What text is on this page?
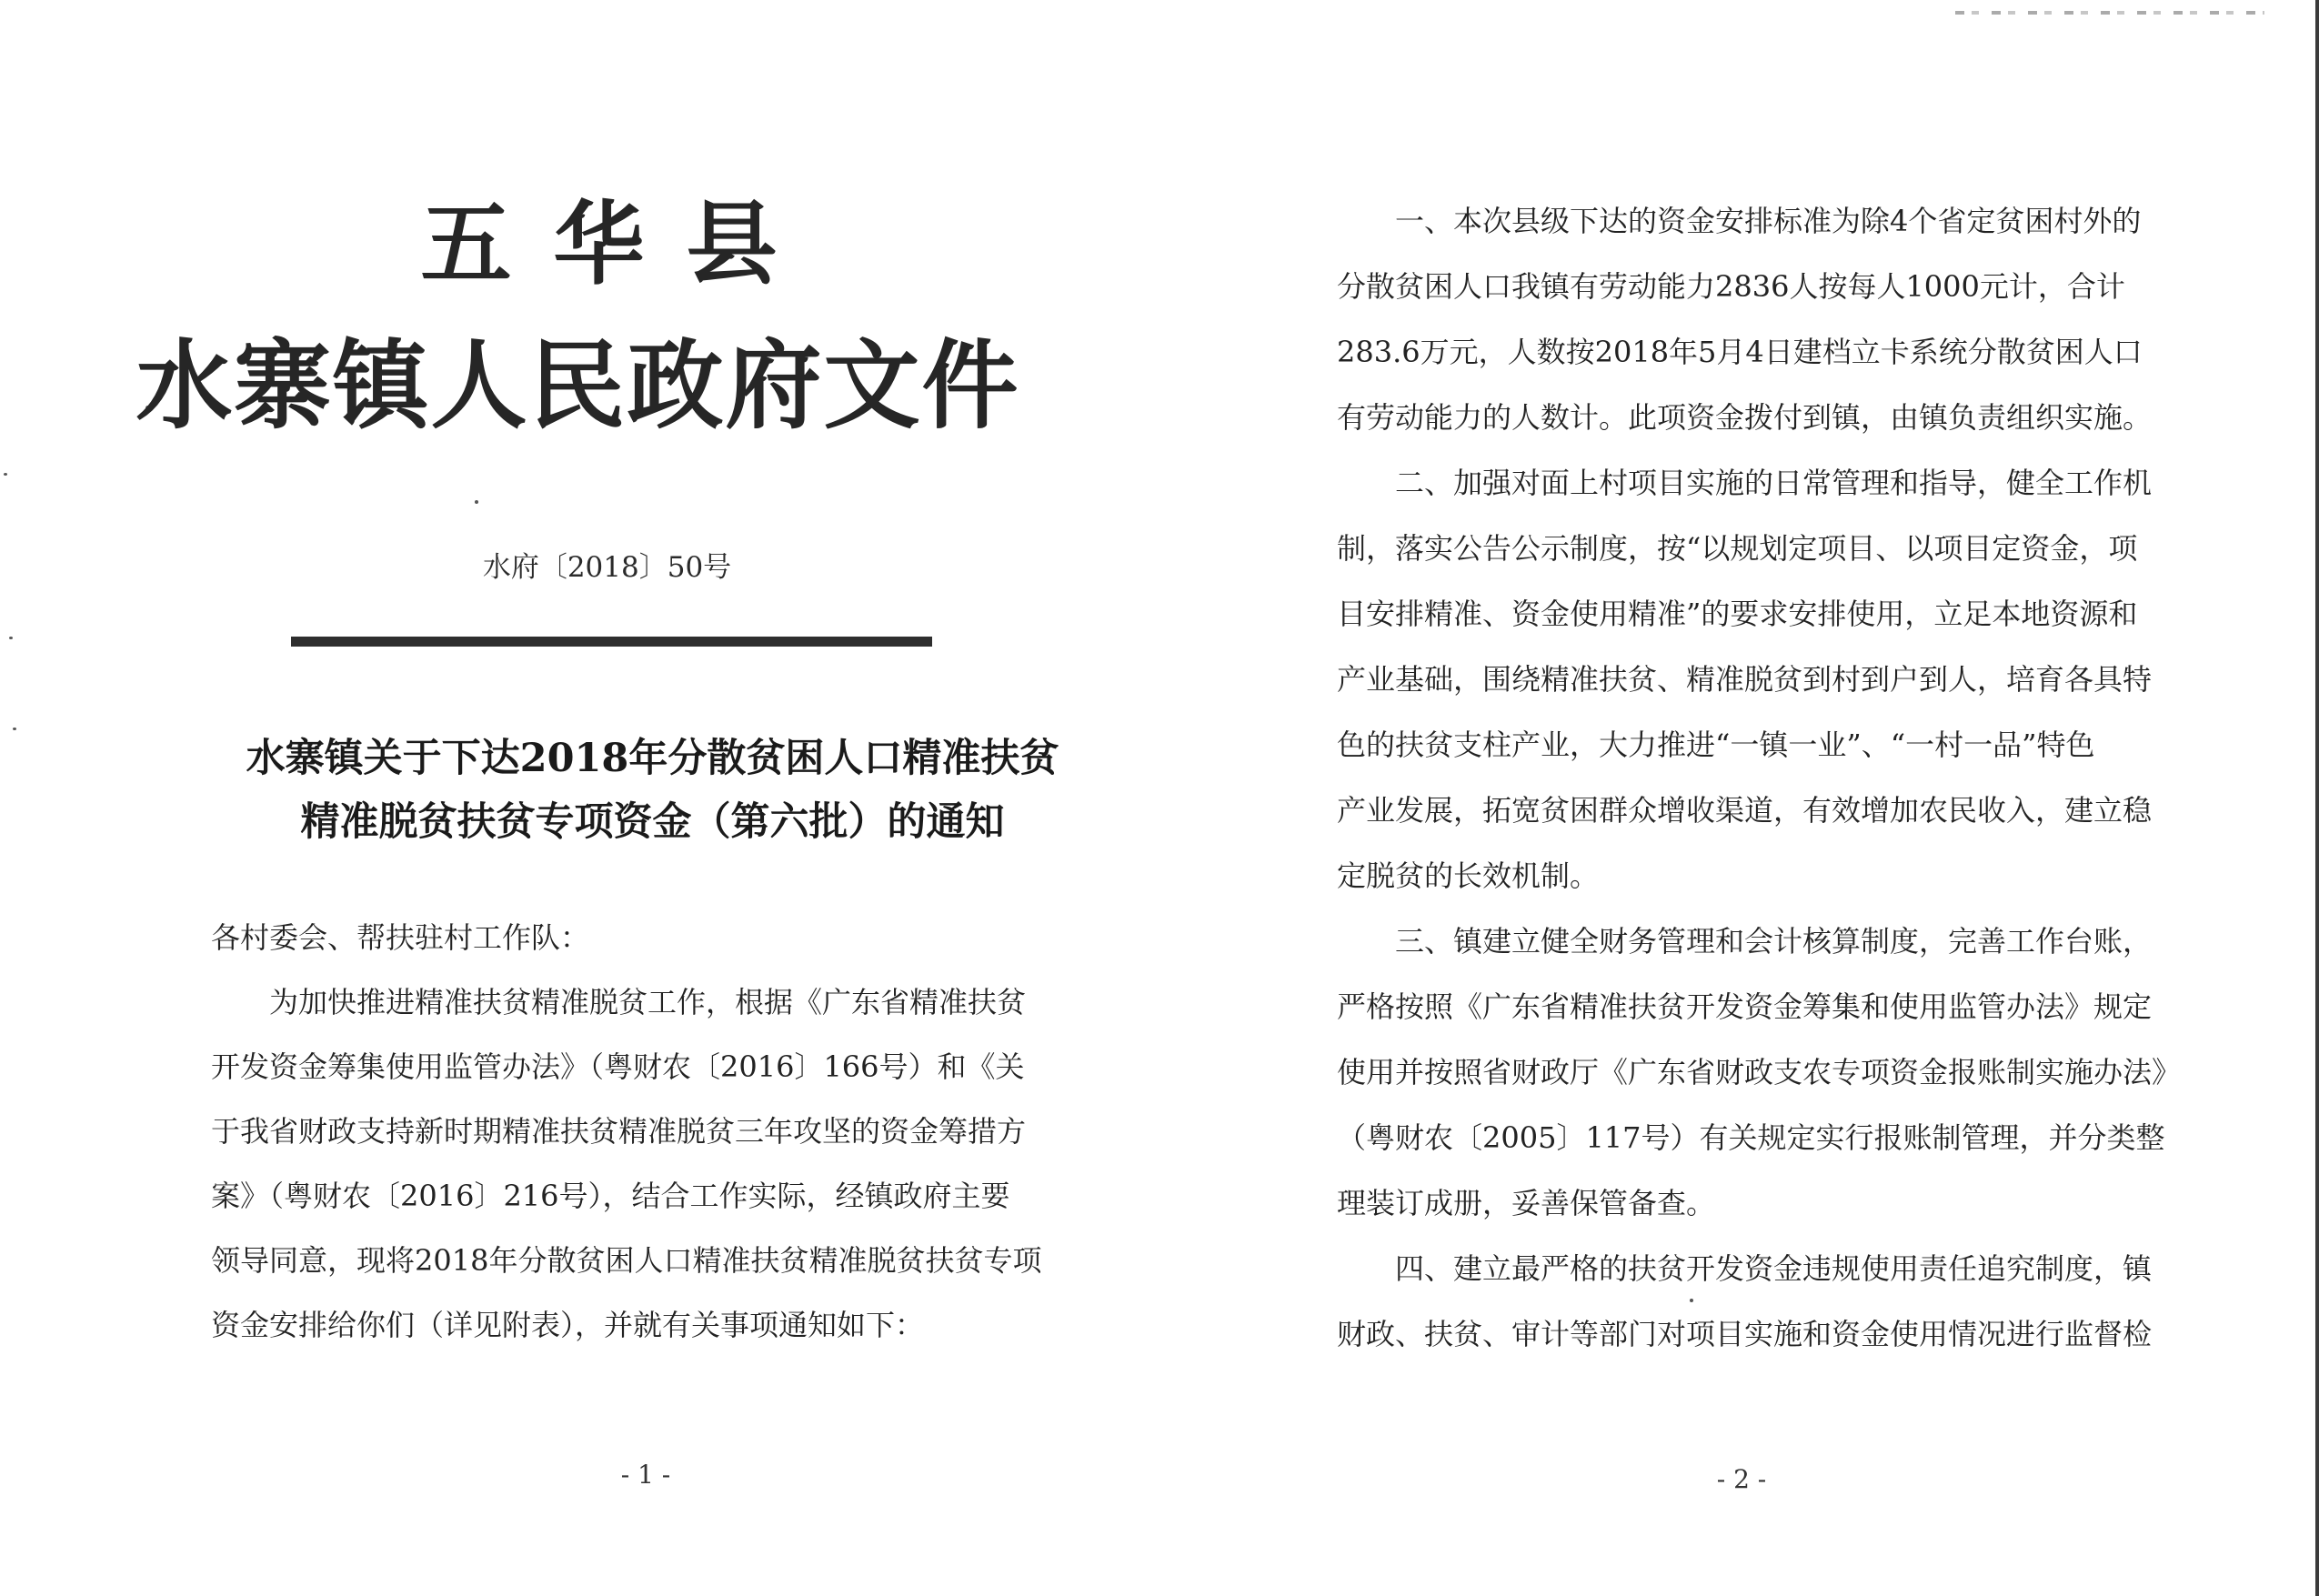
五华县
水寨镇人民政府文件
水府〔2018〕50号
水寨镇关于下达2018年分散贫困人口精准扶贫
精准脱贫扶贫专项资金（第六批）的通知
各村委会、帮扶驻村工作队：
　　为加快推进精准扶贫精准脱贫工作，根据《广东省精准扶贫
开发资金筹集使用监管办法》（粤财农〔2016〕166号）和《关
于我省财政支持新时期精准扶贫精准脱贫三年攻坚的资金筹措方
案》（粤财农〔2016〕216号），结合工作实际，经镇政府主要
领导同意，现将2018年分散贫困人口精准扶贫精准脱贫扶贫专项
资金安排给你们（详见附表），并就有关事项通知如下：
- 1 -
　　一、本次县级下达的资金安排标准为除4个省定贫困村外的
分散贫困人口我镇有劳动能力2836人按每人1000元计，合计
283.6万元，人数按2018年5月4日建档立卡系统分散贫困人口
有劳动能力的人数计。此项资金拨付到镇，由镇负责组织实施。
　　二、加强对面上村项目实施的日常管理和指导，健全工作机
制，落实公告公示制度，按“以规划定项目、以项目定资金，项
目安排精准、资金使用精准”的要求安排使用，立足本地资源和
产业基础，围绕精准扶贫、精准脱贫到村到户到人，培育各具特
色的扶贫支柱产业，大力推进“一镇一业”、“一村一品”特色
产业发展，拓宽贫困群众增收渠道，有效增加农民收入，建立稳
定脱贫的长效机制。
　　三、镇建立健全财务管理和会计核算制度，完善工作台账，
严格按照《广东省精准扶贫开发资金筹集和使用监管办法》规定
使用并按照省财政厅《广东省财政支农专项资金报账制实施办法》
（粤财农〔2005〕117号）有关规定实行报账制管理，并分类整
理装订成册，妥善保管备查。
　　四、建立最严格的扶贫开发资金违规使用责任追究制度，镇
财政、扶贫、审计等部门对项目实施和资金使用情况进行监督检
- 2 -
